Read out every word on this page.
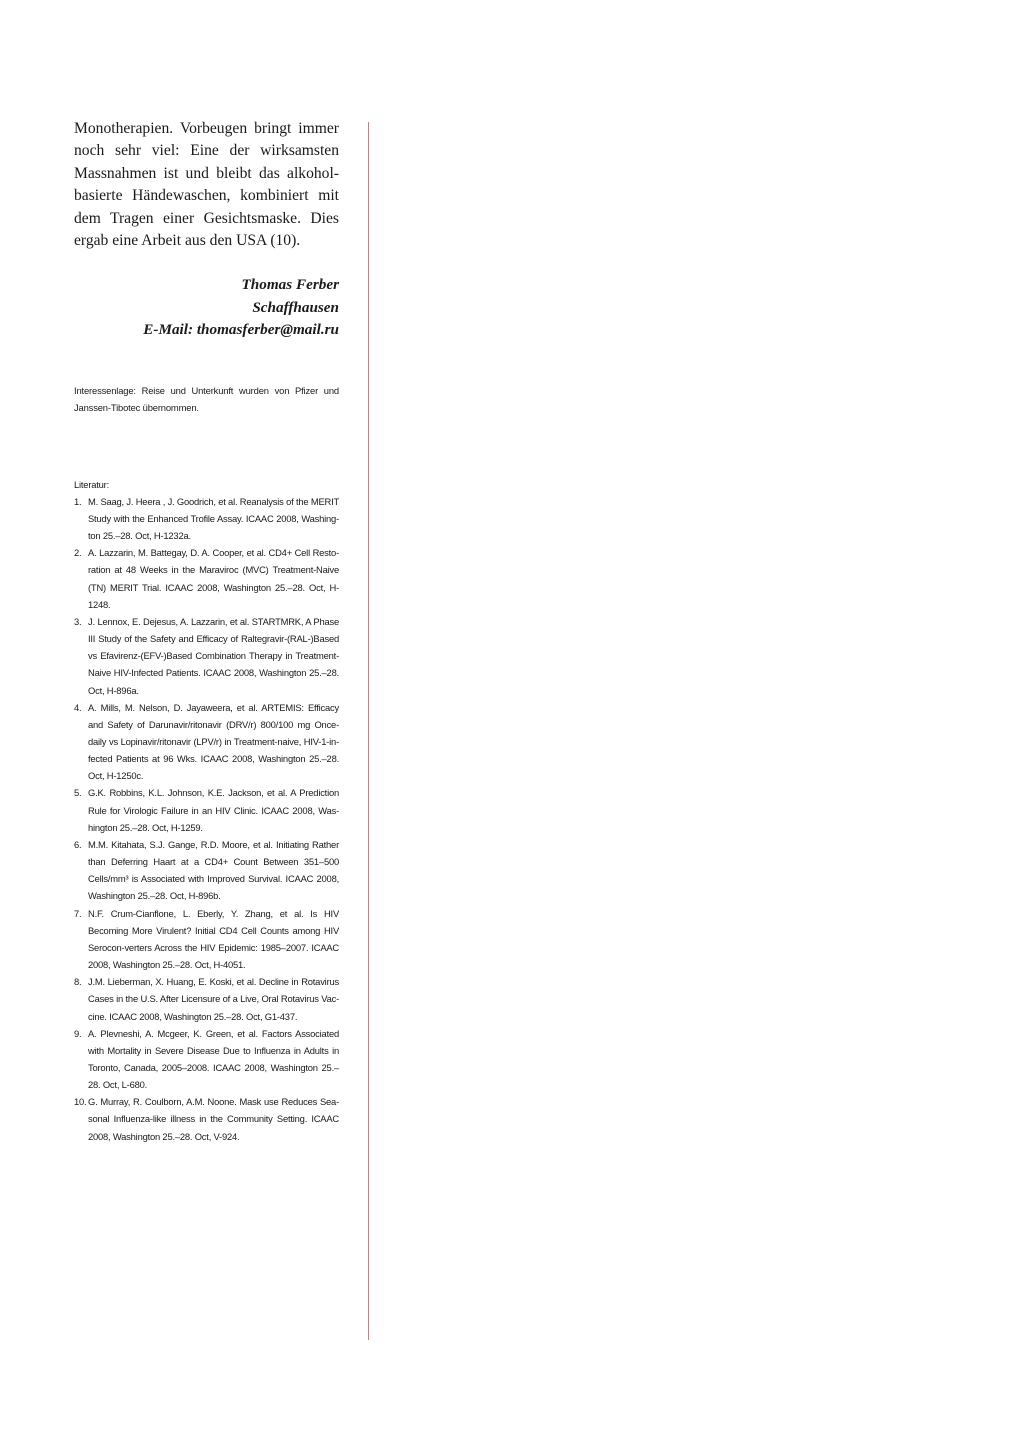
Monotherapien. Vorbeugen bringt immer noch sehr viel: Eine der wirksamsten Massnahmen ist und bleibt das alkohol- basierte Händewaschen, kombiniert mit dem Tragen einer Gesichtsmaske. Dies ergab eine Arbeit aus den USA (10).

Thomas Ferber
Schaffhausen
E-Mail: thomasferber@mail.ru
Interessenlage: Reise und Unterkunft wurden von Pfizer und Janssen-Tibotec übernommen.

Literatur:

1. M. Saag, J. Heera , J. Goodrich, et al. Reanalysis of the MERIT Study with the Enhanced Trofile Assay. ICAAC 2008, Washing-ton 25.–28. Oct, H-1232a.
2. A. Lazzarin, M. Battegay, D. A. Cooper, et al. CD4+ Cell Resto-ration at 48 Weeks in the Maraviroc (MVC) Treatment-Naive (TN) MERIT Trial. ICAAC 2008, Washington 25.–28. Oct, H-1248.
3. J. Lennox, E. Dejesus, A. Lazzarin, et al. STARTMRK, A Phase III Study of the Safety and Efficacy of Raltegravir-(RAL-)Based vs Efavirenz-(EFV-)Based Combination Therapy in Treatment-Naive HIV-Infected Patients. ICAAC 2008, Washington 25.–28. Oct, H-896a.
4. A. Mills, M. Nelson, D. Jayaweera, et al. ARTEMIS: Efficacy and Safety of Darunavir/ritonavir (DRV/r) 800/100 mg Once-daily vs Lopinavir/ritonavir (LPV/r) in Treatment-naive, HIV-1-in-fected Patients at 96 Wks. ICAAC 2008, Washington 25.–28. Oct, H-1250c.
5. G.K. Robbins, K.L. Johnson, K.E. Jackson, et al. A Prediction Rule for Virologic Failure in an HIV Clinic. ICAAC 2008, Was-hington 25.–28. Oct, H-1259.
6. M.M. Kitahata, S.J. Gange, R.D. Moore, et al. Initiating Rather than Deferring Haart at a CD4+ Count Between 351–500 Cells/mm³ is Associated with Improved Survival. ICAAC 2008, Washington 25.–28. Oct, H-896b.
7. N.F. Crum-Cianflone, L. Eberly, Y. Zhang, et al. Is HIV Becoming More Virulent? Initial CD4 Cell Counts among HIV Serocon-verters Across the HIV Epidemic: 1985–2007. ICAAC 2008, Washington 25.–28. Oct, H-4051.
8. J.M. Lieberman, X. Huang, E. Koski, et al. Decline in Rotavirus Cases in the U.S. After Licensure of a Live, Oral Rotavirus Vac-cine. ICAAC 2008, Washington 25.–28. Oct, G1-437.
9. A. Plevneshi, A. Mcgeer, K. Green, et al. Factors Associated with Mortality in Severe Disease Due to Influenza in Adults in Toronto, Canada, 2005–2008. ICAAC 2008, Washington 25.–28. Oct, L-680.
10. G. Murray, R. Coulborn, A.M. Noone. Mask use Reduces Sea-sonal Influenza-like illness in the Community Setting. ICAAC 2008, Washington 25.–28. Oct, V-924.
